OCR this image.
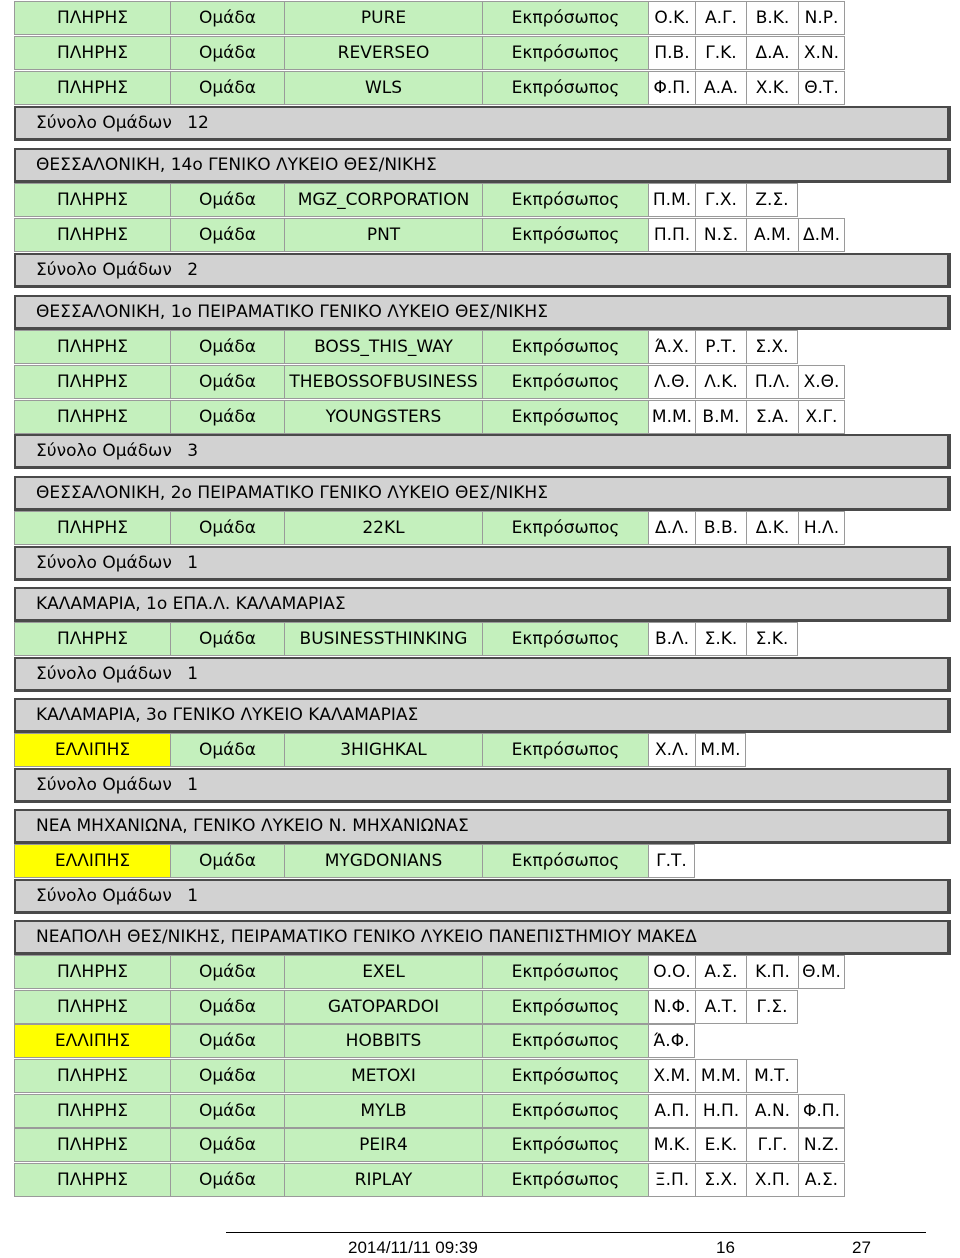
ΠΛΗΡΗΣ	Ομάδα	PURE	Εκπρόσωπος	Ο.Κ. Α.Γ.	Β.Κ. Ν.Ρ.
ΠΛΗΡΗΣ	Ομάδα	REVERSEO	Εκπρόσωπος	Π.Β. Γ.Κ.	Δ.Α. Χ.Ν.
ΠΛΗΡΗΣ	Ομάδα	WLS	Εκπρόσωπος	Φ.Π. Α.Α.	Χ.Κ. Θ.Τ.
Σύνολο Ομάδων 12
ΘΕΣΣΑΛΟΝΙΚΗ, 14ο ΓΕΝΙΚΟ ΛΥΚΕΙΟ ΘΕΣ/ΝΙΚΗΣ
ΠΛΗΡΗΣ	Ομάδα	MGZ_CORPORATION	Εκπρόσωπος	Π.Μ. Γ.Χ.	Ζ.Σ.
ΠΛΗΡΗΣ	Ομάδα	PNT	Εκπρόσωπος	Π.Π. Ν.Σ. Α.Μ. Δ.Μ.
Σύνολο Ομάδων 2
ΘΕΣΣΑΛΟΝΙΚΗ, 1ο ΠΕΙΡΑΜΑΤΙΚΟ ΓΕΝΙΚΟ ΛΥΚΕΙΟ ΘΕΣ/ΝΙΚΗΣ
ΠΛΗΡΗΣ	Ομάδα	BOSS_THIS_WAY	Εκπρόσωπος	Ά.Χ. Ρ.Τ.	Σ.Χ.
ΠΛΗΡΗΣ	Ομάδα	THEBOSSOFBUSINESS	Εκπρόσωπος	Λ.Θ. Λ.Κ.	Π.Λ. Χ.Θ.
ΠΛΗΡΗΣ	Ομάδα	YOUNGSTERS	Εκπρόσωπος	Μ.Μ. Β.Μ. Σ.Α. Χ.Γ.
Σύνολο Ομάδων 3
ΘΕΣΣΑΛΟΝΙΚΗ, 2ο ΠΕΙΡΑΜΑΤΙΚΟ ΓΕΝΙΚΟ ΛΥΚΕΙΟ ΘΕΣ/ΝΙΚΗΣ
ΠΛΗΡΗΣ	Ομάδα	22KL	Εκπρόσωπος	Δ.Λ. Β.Β.	Δ.Κ. Η.Λ.
Σύνολο Ομάδων 1
ΚΑΛΑΜΑΡΙΑ, 1ο ΕΠΑ.Λ. ΚΑΛΑΜΑΡΙΑΣ
ΠΛΗΡΗΣ	Ομάδα	BUSINESSTHINKING	Εκπρόσωπος	Β.Λ. Σ.Κ.	Σ.Κ.
Σύνολο Ομάδων 1
ΚΑΛΑΜΑΡΙΑ, 3ο ΓΕΝΙΚΟ ΛΥΚΕΙΟ ΚΑΛΑΜΑΡΙΑΣ
ΕΛΛΙΠΗΣ	Ομάδα	3HIGHKAL	Εκπρόσωπος	Χ.Λ. Μ.Μ.
Σύνολο Ομάδων 1
ΝΕΑ ΜΗΧΑΝΙΩΝΑ, ΓΕΝΙΚΟ ΛΥΚΕΙΟ Ν. ΜΗΧΑΝΙΩΝΑΣ
ΕΛΛΙΠΗΣ	Ομάδα	MYGDONIANS	Εκπρόσωπος	Γ.Τ.
Σύνολο Ομάδων 1
ΝΕΑΠΟΛΗ ΘΕΣ/ΝΙΚΗΣ, ΠΕΙΡΑΜΑΤΙΚΟ ΓΕΝΙΚΟ ΛΥΚΕΙΟ ΠΑΝΕΠΙΣΤΗΜΙΟΥ ΜΑΚΕΔ
ΠΛΗΡΗΣ	Ομάδα	EXEL	Εκπρόσωπος	Ο.Ο. Α.Σ.	Κ.Π. Θ.Μ.
ΠΛΗΡΗΣ	Ομάδα	GATOPARDOI	Εκπρόσωπος	Ν.Φ. Α.Τ.	Γ.Σ.
ΕΛΛΙΠΗΣ	Ομάδα	HOBBITS	Εκπρόσωπος	Ά.Φ.
ΠΛΗΡΗΣ	Ομάδα	METOXI	Εκπρόσωπος	Χ.Μ. Μ.Μ. Μ.Τ.
ΠΛΗΡΗΣ	Ομάδα	MYLB	Εκπρόσωπος	Α.Π. Η.Π. Α.Ν. Φ.Π.
ΠΛΗΡΗΣ	Ομάδα	PEIR4	Εκπρόσωπος	Μ.Κ. Ε.Κ.	Γ.Γ. Ν.Ζ.
ΠΛΗΡΗΣ	Ομάδα	RIPLAY	Εκπρόσωπος	Ξ.Π. Σ.Χ.	Χ.Π. Α.Σ.
2014/11/11 09:39	16	27
